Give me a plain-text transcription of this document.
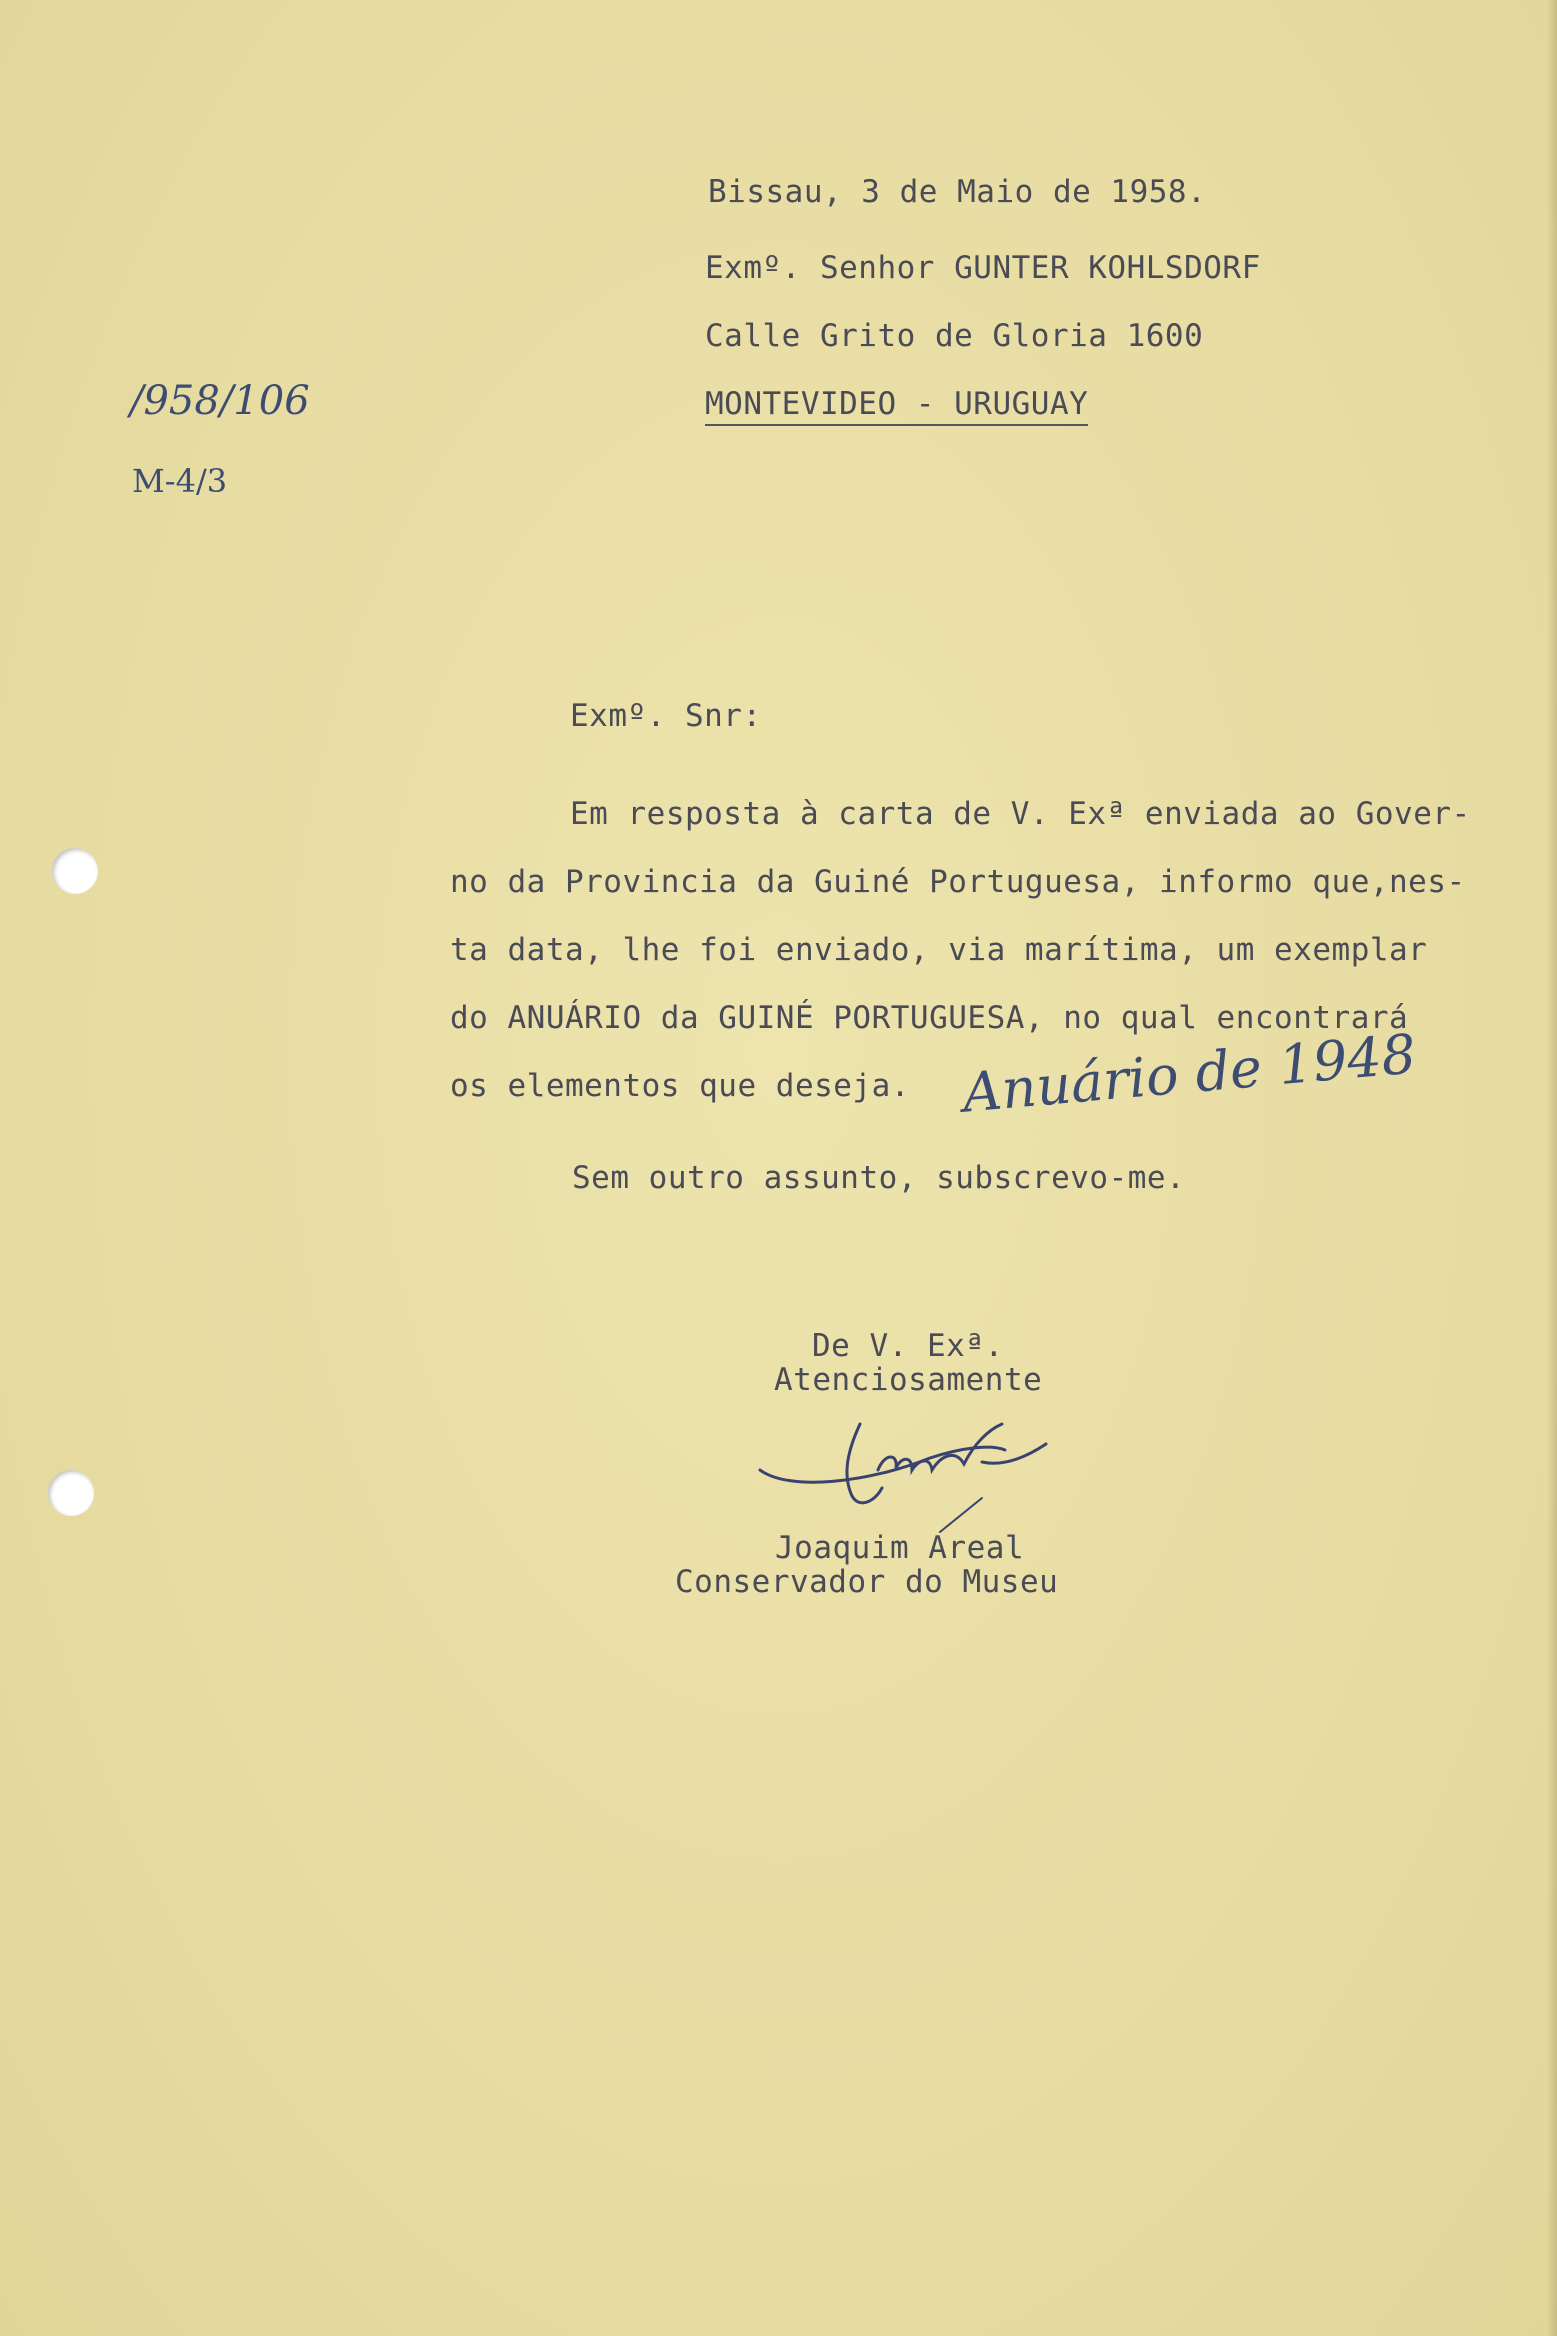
Bissau, 3 de Maio de 1958.
Exmº. Senhor GUNTER KOHLSDORF
Calle Grito de Gloria 1600
MONTEVIDEO - URUGUAY
/958/106
M-4/3
Exmº. Snr:
Em resposta à carta de V. Exª enviada ao Gover-
no da Provincia da Guiné Portuguesa, informo que,nes-
ta data, lhe foi enviado, via marítima, um exemplar
do ANUÁRIO da GUINÉ PORTUGUESA, no qual encontrará
os elementos que deseja. Anuário de 1948
Sem outro assunto, subscrevo-me.
De V. Exª.
Atenciosamente
Joaquim Areal
Conservador do Museu
